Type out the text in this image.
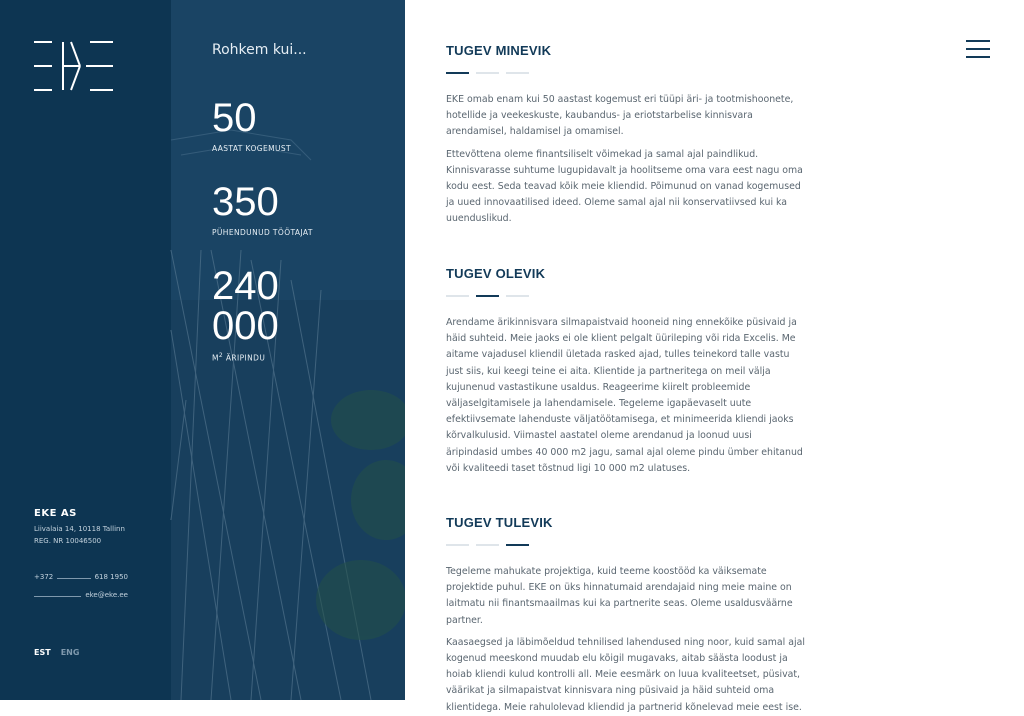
EKE AS
Liivalaia 14, 10118 Tallinn
REG. NR 10046500
+372	618 1950
eke@eke.ee
EST ENG
Rohkem kui...
50
AASTAT KOGEMUST
350
PÜHENDUNUD TÖÖTAJAT
240 000
$M^2$ ÄRIPINDU
TUGEV MINEVIK

EKE omab enam kui 50 aastast kogemust eri tüüpi äri- ja tootmishoonete, hotellide ja veekeskuste, kaubandus- ja eriotstarbelise kinnisvara arendamisel, haldamisel ja omamisel.

Ettevõttena oleme finantsiliselt võimekad ja samal ajal paindlikud. Kinnisvarasse suhtume lugupidavalt ja hoolitseme oma vara eest nagu oma kodu eest. Seda teavad kõik meie kliendid. Põimunud on vanad kogemused ja uued innovaatilised ideed. Oleme samal ajal nii konservatiivsed kui ka uuenduslikud.

TUGEV OLEVIK

Arendame ärikinnisvara silmapaistvaid hooneid ning ennekõike püsivaid ja häid suhteid. Meie jaoks ei ole klient pelgalt üürileping või rida Excelis. Me aitame vajadusel kliendil ületada rasked ajad, tulles teinekord talle vastu just siis, kui keegi teine ei aita. Klientide ja partneritega on meil välja kujunenud vastastikune usaldus. Reageerime kiirelt probleemide väljaselgitamisele ja lahendamisele. Tegeleme igapäevaselt uute efektiivsemate lahenduste väljatöötamisega, et minimeerida kliendi jaoks kõrvalkulusid. Viimastel aastatel oleme arendanud ja loonud uusi äripindasid umbes 40 000 m2 jagu, samal ajal oleme pindu ümber ehitanud või kvaliteedi taset tõstnud ligi 10 000 m2 ulatuses.

TUGEV TULEVIK

Tegeleme mahukate projektiga, kuid teeme koostööd ka väiksemate projektide puhul. EKE on üks hinnatumaid arendajaid ning meie maine on laitmatu nii finantsmaailmas kui ka partnerite seas. Oleme usaldusväärne partner.

Kaasaegsed ja läbimõeldud tehnilised lahendused ning noor, kuid samal ajal kogenud meeskond muudab elu kõigil mugavaks, aitab säästa loodust ja hoiab kliendi kulud kontrolli all. Meie eesmärk on luua kvaliteetset, püsivat, väärikat ja silmapaistvat kinnisvara ning püsivaid ja häid suhteid oma klientidega. Meie rahulolevad kliendid ja partnerid kõnelevad meie eest ise.
